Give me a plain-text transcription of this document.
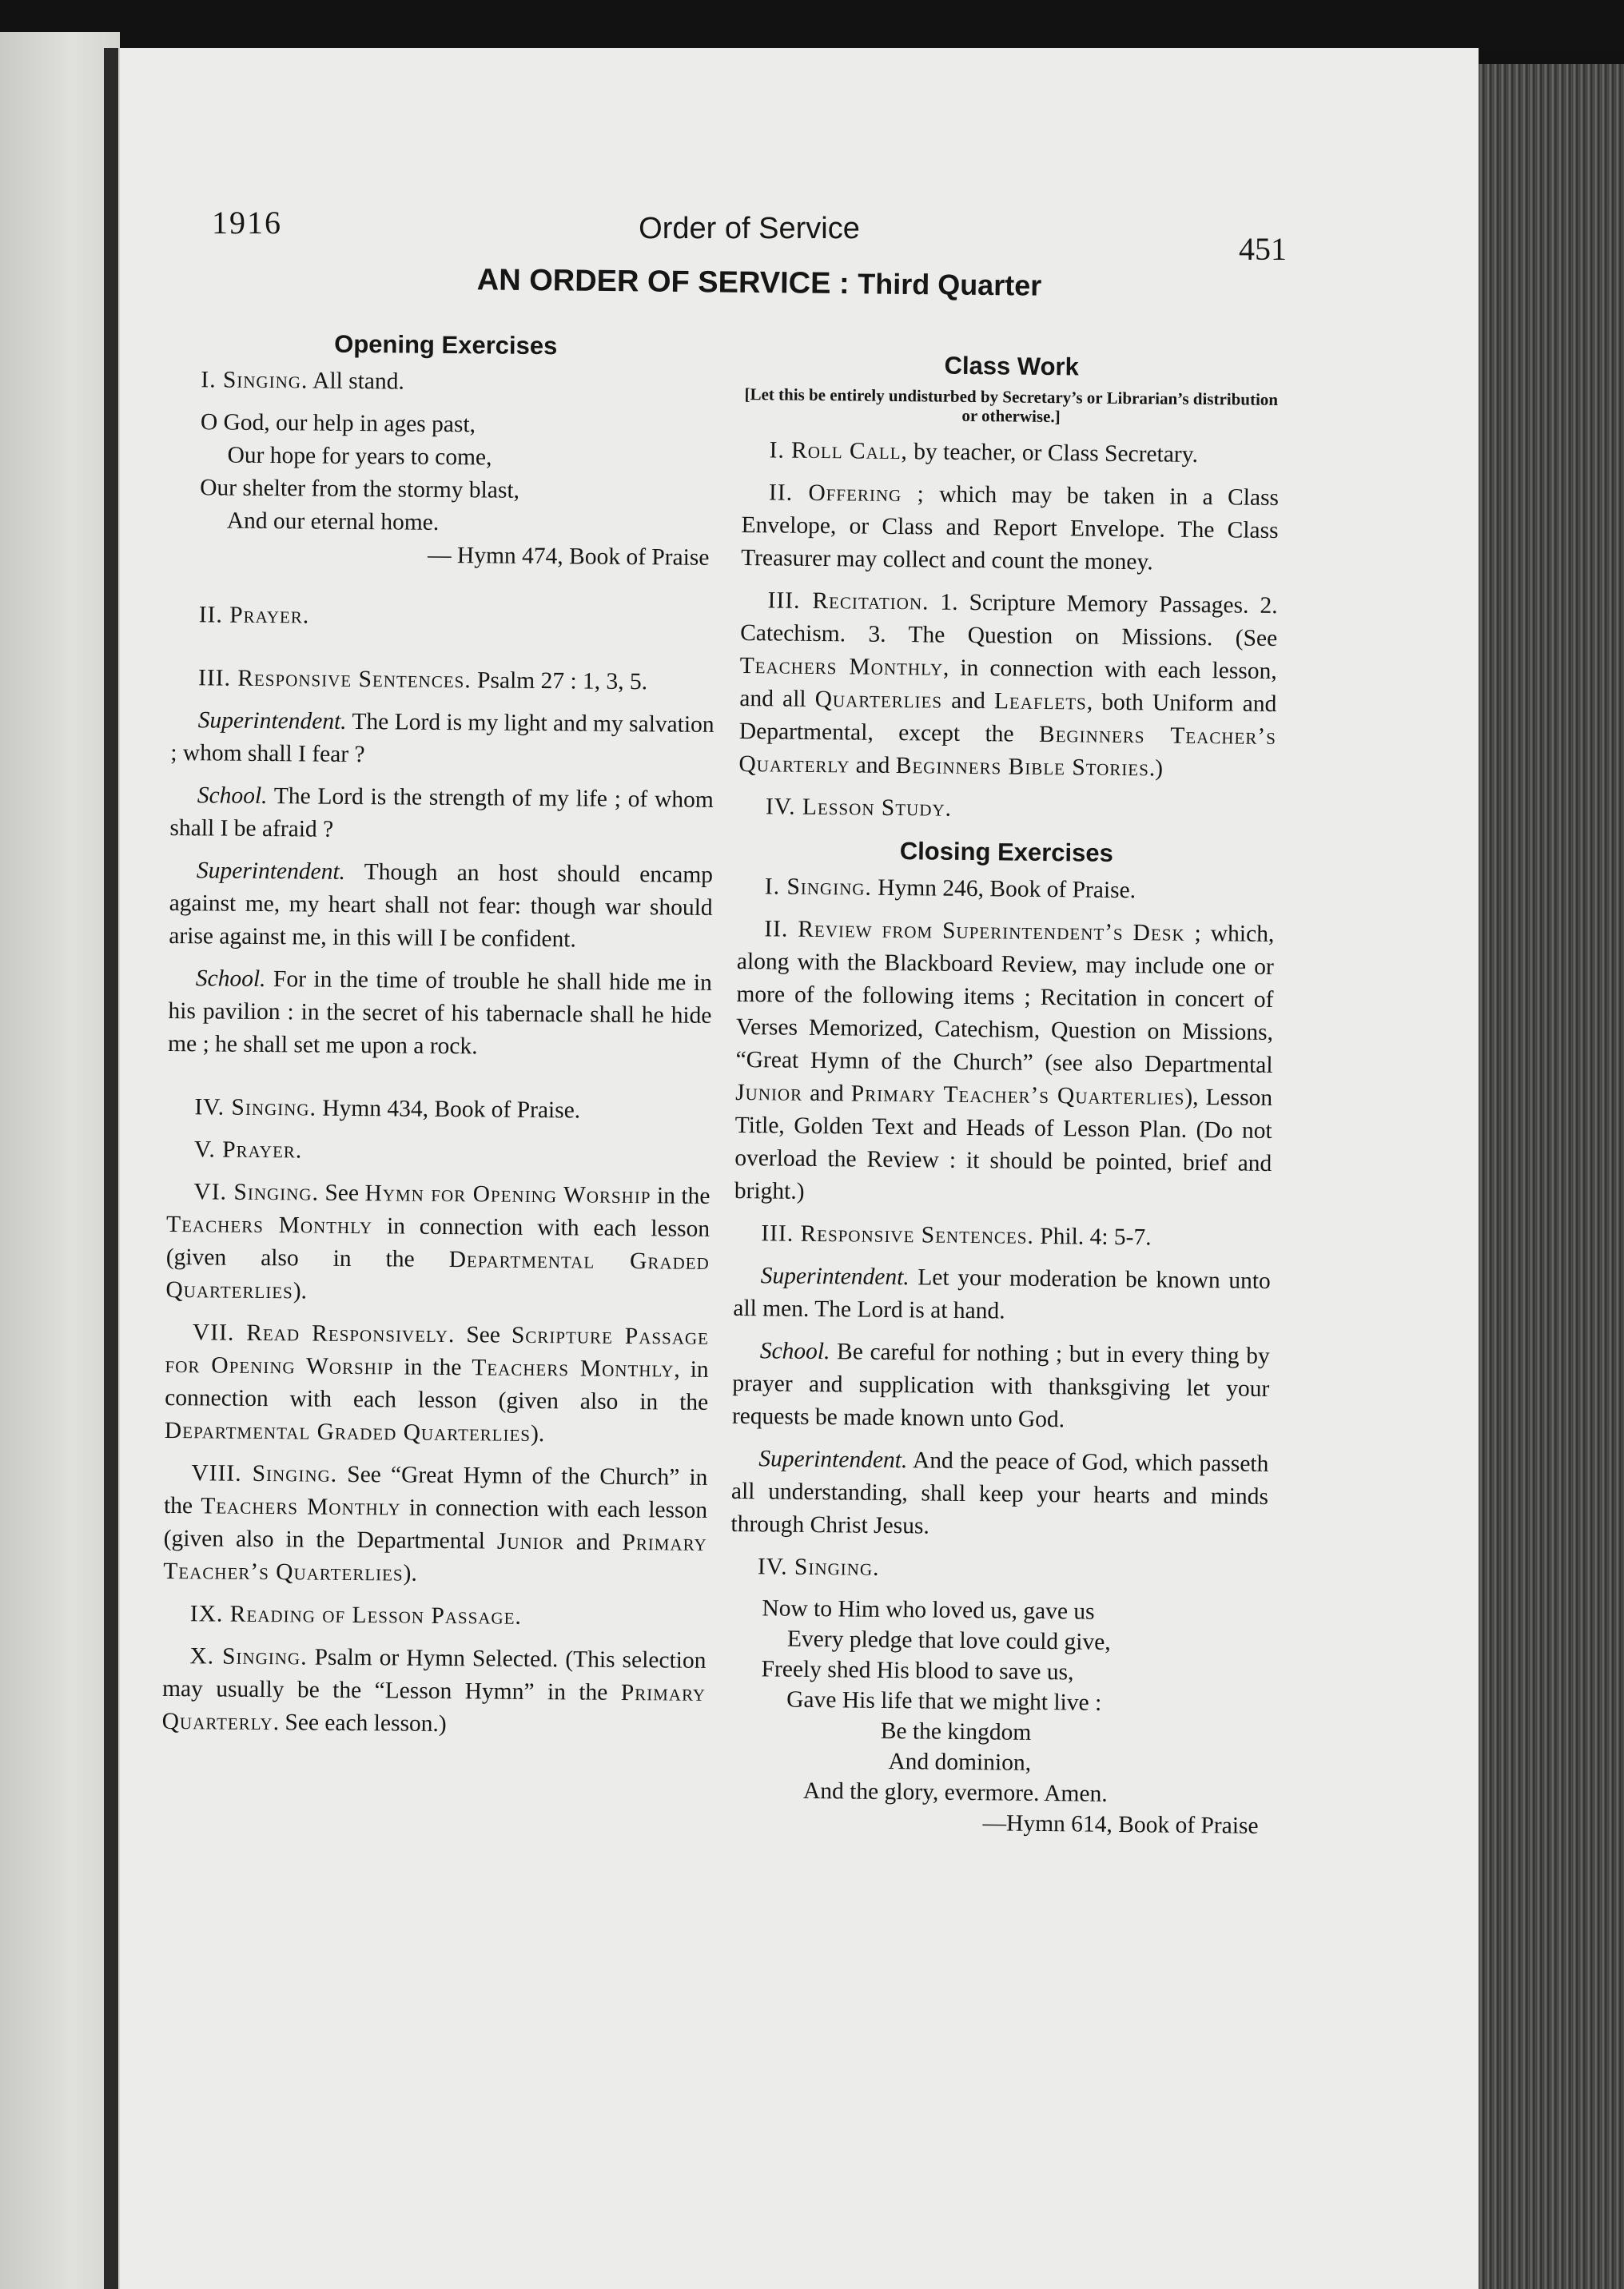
1916	Order of Service
451
AN ORDER OF SERVICE : Third Quarter
Opening Exercises
I. Singing. All stand.
O God, our help in ages past,
Our hope for years to come,
Our shelter from the stormy blast,
And our eternal home.
— Hymn 474, Book of Praise
II. Prayer.
III. Responsive Sentences. Psalm 27 : 1, 3, 5.
Superintendent. The Lord is my light and my salvation ; whom shall I fear ?
School. The Lord is the strength of my life ; of whom shall I be afraid ?
Superintendent. Though an host should encamp against me, my heart shall not fear: though war should arise against me, in this will I be confident.
School. For in the time of trouble he shall hide me in his pavilion : in the secret of his tabernacle shall he hide me ; he shall set me upon a rock.
IV. Singing. Hymn 434, Book of Praise.
V. Prayer.
VI. Singing. See Hymn for Opening Worship in the Teachers Monthly in connection with each lesson (given also in the Departmental Graded Quarterlies).
VII. Read Responsively. See Scripture Passage for Opening Worship in the Teachers Monthly, in connection with each lesson (given also in the Departmental Graded Quarterlies).
VIII. Singing. See “Great Hymn of the Church” in the Teachers Monthly in connection with each lesson (given also in the Departmental Junior and Primary Teacher’s Quarterlies).
IX. Reading of Lesson Passage.
X. Singing. Psalm or Hymn Selected. (This selection may usually be the “Lesson Hymn” in the Primary Quarterly. See each lesson.)
Class Work
[Let this be entirely undisturbed by Secretary’s or Librarian’s distribution or otherwise.]
I. Roll Call, by teacher, or Class Secretary.
II. Offering ; which may be taken in a Class Envelope, or Class and Report Envelope. The Class Treasurer may collect and count the money.
III. Recitation. 1. Scripture Memory Passages. 2. Catechism. 3. The Question on Missions. (See Teachers Monthly, in connection with each lesson, and all Quarterlies and Leaflets, both Uniform and Departmental, except the Beginners Teacher’s Quarterly and Beginners Bible Stories.)
IV. Lesson Study.
Closing Exercises
I. Singing. Hymn 246, Book of Praise.
II. Review from Superintendent’s Desk ; which, along with the Blackboard Review, may include one or more of the following items ; Recitation in concert of Verses Memorized, Catechism, Question on Missions, “Great Hymn of the Church” (see also Departmental Junior and Primary Teacher’s Quarterlies), Lesson Title, Golden Text and Heads of Lesson Plan. (Do not overload the Review : it should be pointed, brief and bright.)
III. Responsive Sentences. Phil. 4: 5-7.
Superintendent. Let your moderation be known unto all men. The Lord is at hand.
School. Be careful for nothing ; but in every thing by prayer and supplication with thanksgiving let your requests be made known unto God.
Superintendent. And the peace of God, which passeth all understanding, shall keep your hearts and minds through Christ Jesus.
IV. Singing.
Now to Him who loved us, gave us
Every pledge that love could give,
Freely shed His blood to save us,
Gave His life that we might live :
Be the kingdom
And dominion,
And the glory, evermore. Amen.
—Hymn 614, Book of Praise
